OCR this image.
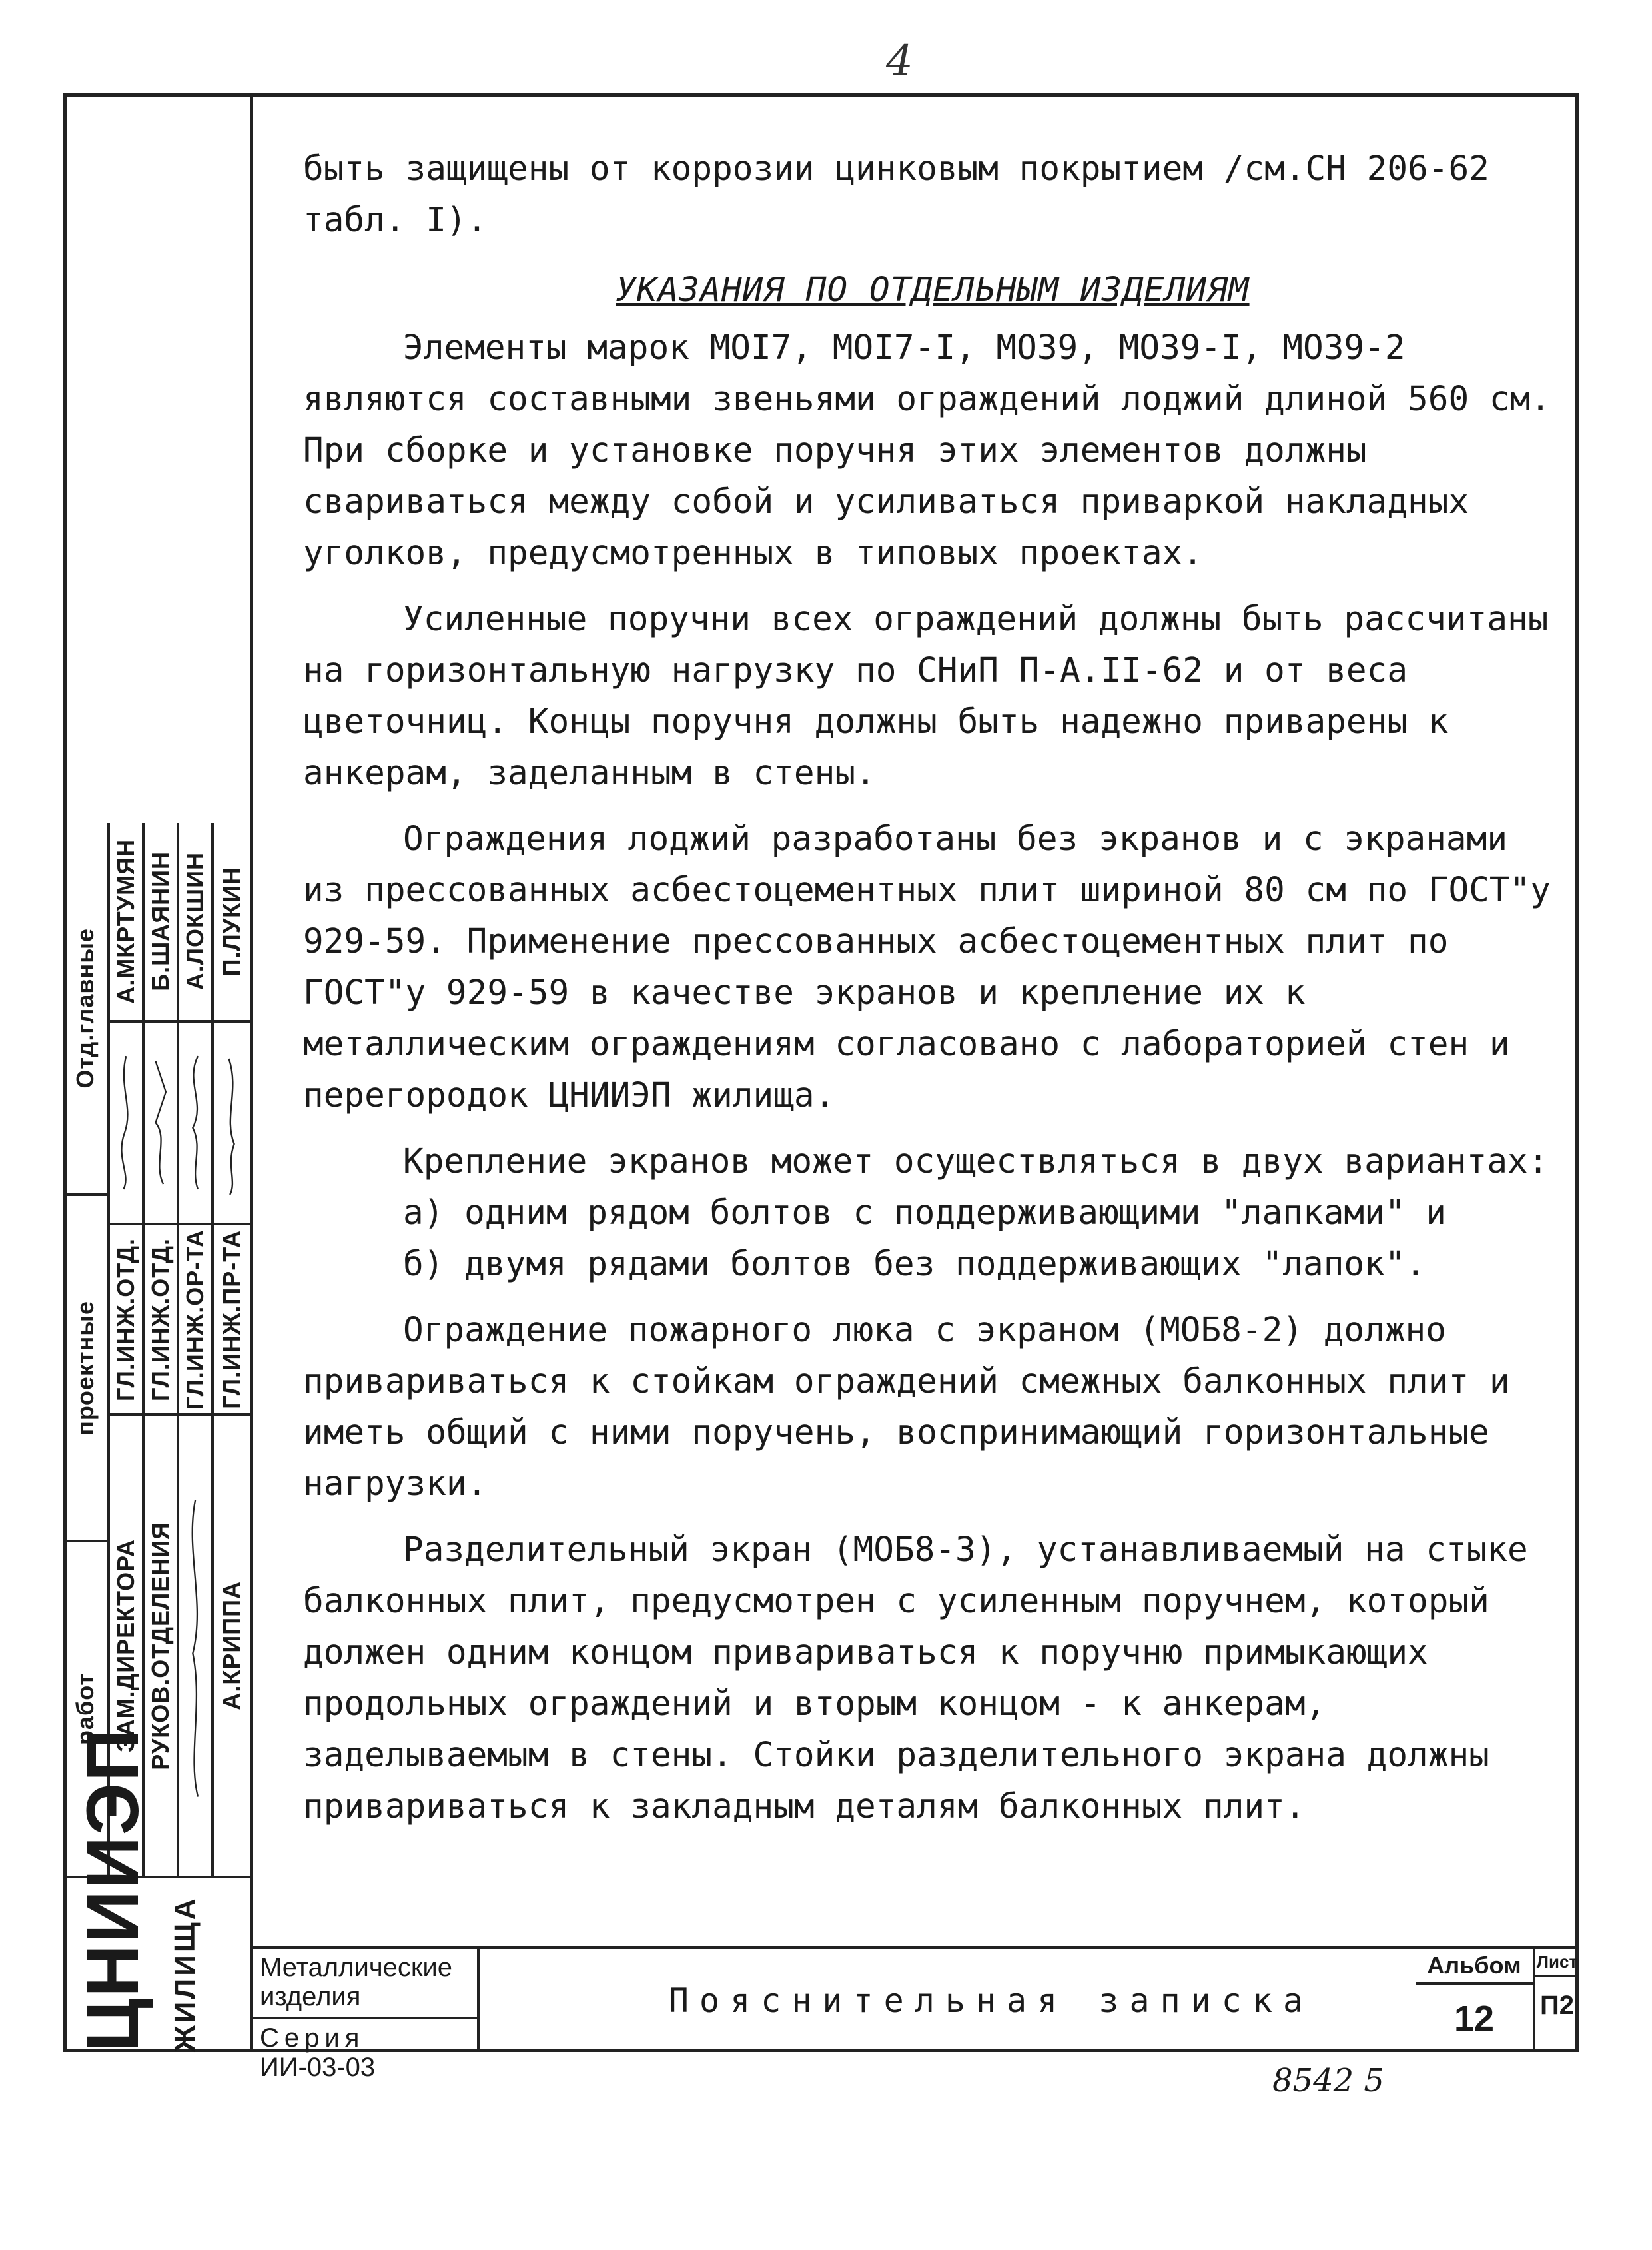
4

быть защищены от коррозии цинковым покрытием /см.СН 206-62 табл. I).

УКАЗАНИЯ ПО ОТДЕЛЬНЫМ ИЗДЕЛИЯМ

Элементы марок МОI7, МОI7-I, МО39, МО39-I, МО39-2 являются составными звеньями ограждений лоджий длиной 560 см. При сборке и установке поручня этих элементов должны свариваться между собой и усиливаться приваркой накладных уголков, предусмотренных в типовых проектах.

Усиленные поручни всех ограждений должны быть рассчитаны на горизонтальную нагрузку по СНиП П-А.II-62 и от веса цветочниц. Концы поручня должны быть надежно приварены к анкерам, заделанным в стены.

Ограждения лоджий разработаны без экранов и с экранами из прессованных асбестоцементных плит шириной 80 см по ГОСТ"у 929-59. Применение прессованных асбестоцементных плит по ГОСТ"у 929-59 в качестве экранов и крепление их к металлическим ограждениям согласовано с лабораторией стен и перегородок ЦНИИЭП жилища.

Крепление экранов может осуществляться в двух вариантах:

а) одним рядом болтов с поддерживающими "лапками" и

б) двумя рядами болтов без поддерживающих "лапок".

Ограждение пожарного люка с экраном (МОБ8-2) должно привариваться к стойкам ограждений смежных балконных плит и иметь общий с ними поручень, воспринимающий горизонтальные нагрузки.

Разделительный экран (МОБ8-3), устанавливаемый на стыке балконных плит, предусмотрен с усиленным поручнем, который должен одним концом привариваться к поручню примыкающих продольных ограждений и вторым концом - к анкерам, заделываемым в стены. Стойки разделительного экрана должны привариваться к закладным деталям балконных плит.

Отд.главные
проектные
работ
А.МКРТУМЯН
ГЛ.ИНЖ.ОТД.
ЗАМ.ДИРЕКТОРА
Б.ШАЯНИН
ГЛ.ИНЖ.ОТД.
РУКОВ.ОТДЕЛЕНИЯ
А.ЛОКШИН
ГЛ.ИНЖ.ОР-ТА
П.ЛУКИН
ГЛ.ИНЖ.ПР-ТА
А.КРИППА
ЦНИИЭП ЖИЛИЩА Металлические
изделия
Серия
ИИ-03-03
Пояснительная записка
Альбом
12
Лист
П2
8542 5
